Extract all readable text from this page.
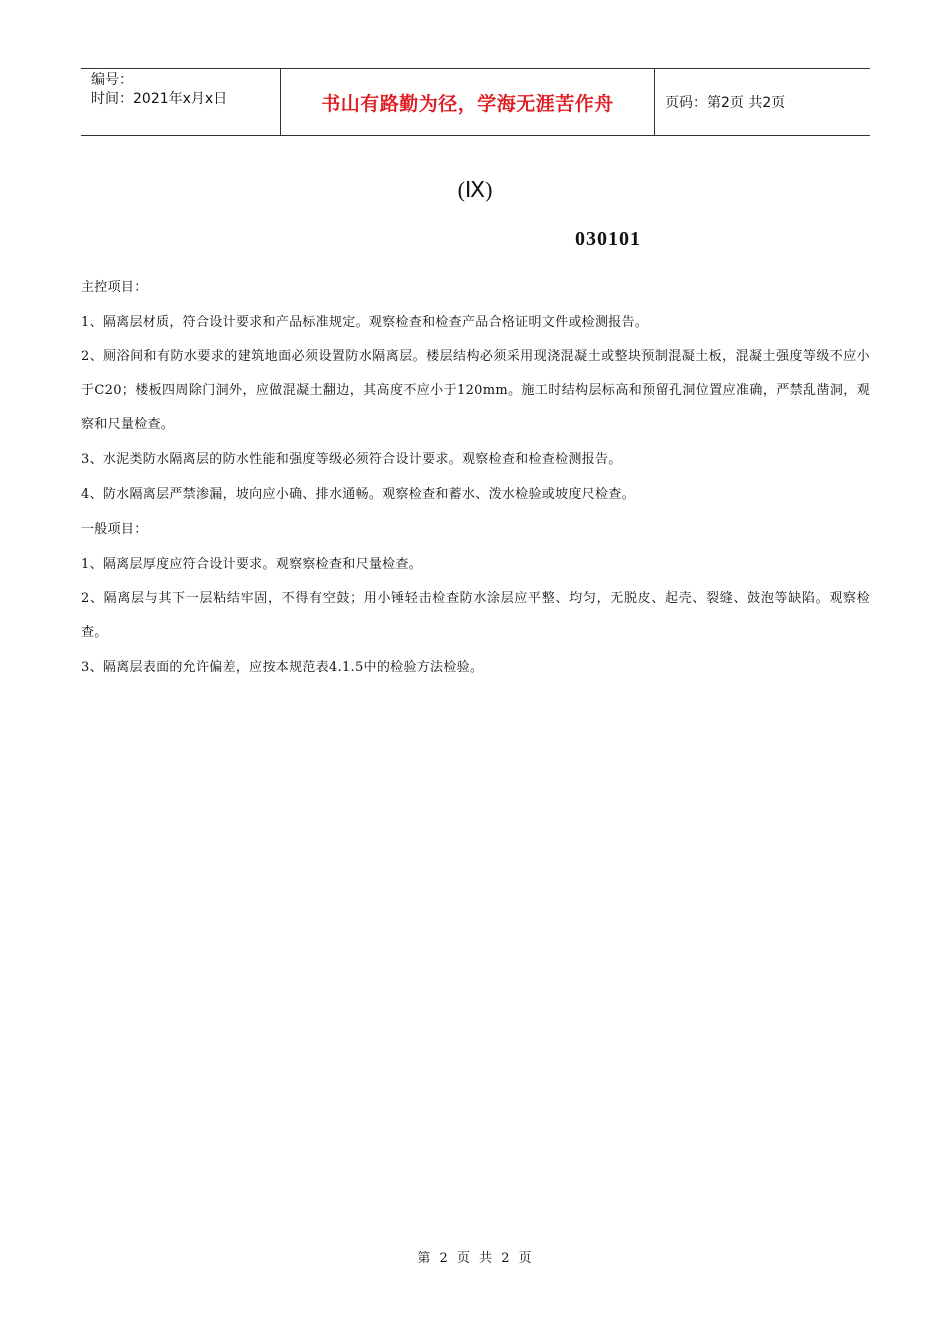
编号：
时间：2021年x月x日	书山有路勤为径，学海无涯苦作舟	页码：第2页 共2页
(Ⅸ)
030101
主控项目：
1、隔离层材质，符合设计要求和产品标准规定。观察检查和检查产品合格证明文件或检测报告。
2、厕浴间和有防水要求的建筑地面必须设置防水隔离层。楼层结构必须采用现浇混凝土或整块预制混凝土板，混凝土强度等级不应小于C20；楼板四周除门洞外，应做混凝土翻边，其高度不应小于120mm。施工时结构层标高和预留孔洞位置应准确，严禁乱凿洞，观察和尺量检查。
3、水泥类防水隔离层的防水性能和强度等级必须符合设计要求。观察检查和检查检测报告。
4、防水隔离层严禁渗漏，坡向应小确、排水通畅。观察检查和蓄水、泼水检验或坡度尺检查。
一般项目：
1、隔离层厚度应符合设计要求。观察察检查和尺量检查。
2、隔离层与其下一层粘结牢固，不得有空鼓；用小锤轻击检查防水涂层应平整、均匀，无脱皮、起壳、裂缝、鼓泡等缺陷。观察检查。
3、隔离层表面的允许偏差，应按本规范表4.1.5中的检验方法检验。
第 2 页 共 2 页
